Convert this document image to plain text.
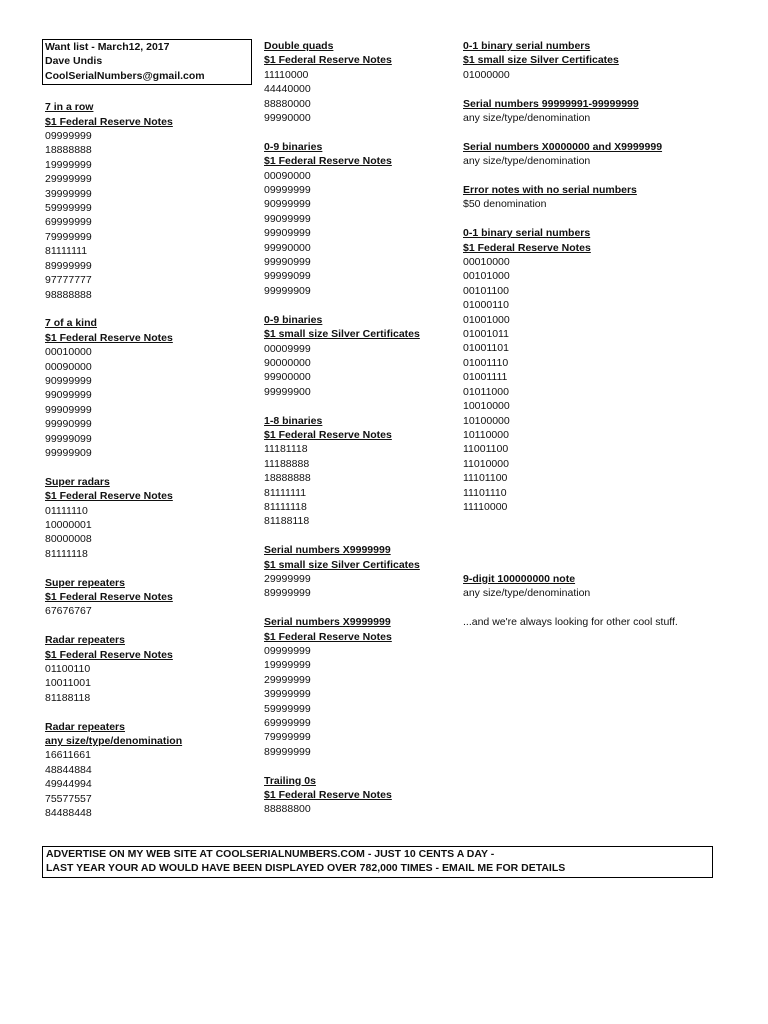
Want list - March12, 2017
Dave Undis
CoolSerialNumbers@gmail.com
7 in a row
$1 Federal Reserve Notes
09999999
18888888
19999999
29999999
39999999
59999999
69999999
79999999
81111111
89999999
97777777
98888888
7 of a kind
$1 Federal Reserve Notes
00010000
00090000
90999999
99099999
99909999
99990999
99999099
99999909
Super radars
$1 Federal Reserve Notes
01111110
10000001
80000008
81111118
Super repeaters
$1 Federal Reserve Notes
67676767
Radar repeaters
$1 Federal Reserve Notes
01100110
10011001
81188118
Radar repeaters
any size/type/denomination
16611661
48844884
49944994
75577557
84488448
Double quads
$1 Federal Reserve Notes
11110000
44440000
88880000
99990000
0-9 binaries
$1 Federal Reserve Notes
00090000
09999999
90999999
99099999
99909999
99990000
99990999
99999099
99999909
0-9 binaries
$1 small size Silver Certificates
00009999
90000000
99900000
99999900
1-8 binaries
$1 Federal Reserve Notes
11181118
11188888
18888888
81111111
81111118
81188118
Serial numbers X9999999
$1 small size Silver Certificates
29999999
89999999
Serial numbers X9999999
$1 Federal Reserve Notes
09999999
19999999
29999999
39999999
59999999
69999999
79999999
89999999
Trailing 0s
$1 Federal Reserve Notes
88888800
0-1 binary serial numbers
$1 small size Silver Certificates
01000000
Serial numbers 99999991-99999999
any size/type/denomination
Serial numbers X0000000 and X9999999
any size/type/denomination
Error notes with no serial numbers
$50 denomination
0-1 binary serial numbers
$1 Federal Reserve Notes
00010000
00101000
00101100
01000110
01001000
01001011
01001101
01001110
01001111
01011000
10010000
10100000
10110000
11001100
11010000
11101100
11101110
11110000
9-digit 100000000 note
any size/type/denomination
...and we're always looking for other cool stuff.
ADVERTISE ON MY WEB SITE AT COOLSERIALNUMBERS.COM - JUST 10 CENTS A DAY -
LAST YEAR YOUR AD WOULD HAVE BEEN DISPLAYED OVER 782,000 TIMES - EMAIL ME FOR DETAILS
